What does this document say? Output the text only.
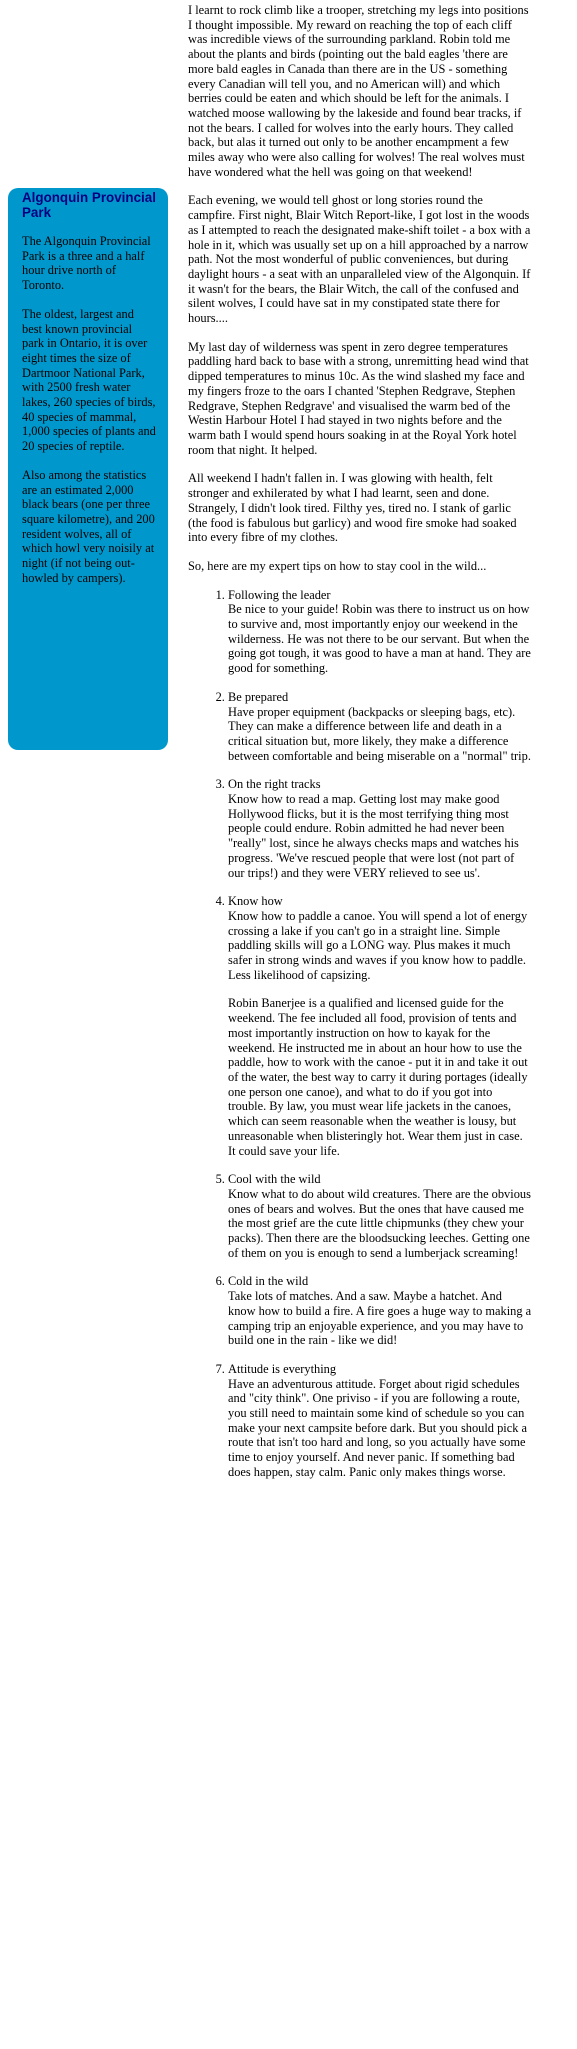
Algonquin Provincial Park

The Algonquin Provincial Park is a three and a half hour drive north of Toronto.

The oldest, largest and best known provincial park in Ontario, it is over eight times the size of Dartmoor National Park, with 2500 fresh water lakes, 260 species of birds, 40 species of mammal, 1,000 species of plants and 20 species of reptile.

Also among the statistics are an estimated 2,000 black bears (one per three square kilometre), and 200 resident wolves, all of which howl very noisily at night (if not being out-howled by campers).

I learnt to rock climb like a trooper, stretching my legs into positions I thought impossible. My reward on reaching the top of each cliff was incredible views of the surrounding parkland. Robin told me about the plants and birds (pointing out the bald eagles 'there are more bald eagles in Canada than there are in the US - something every Canadian will tell you, and no American will) and which berries could be eaten and which should be left for the animals. I watched moose wallowing by the lakeside and found bear tracks, if not the bears. I called for wolves into the early hours. They called back, but alas it turned out only to be another encampment a few miles away who were also calling for wolves! The real wolves must have wondered what the hell was going on that weekend!

Each evening, we would tell ghost or long stories round the campfire. First night, Blair Witch Report-like, I got lost in the woods as I attempted to reach the designated make-shift toilet - a box with a hole in it, which was usually set up on a hill approached by a narrow path. Not the most wonderful of public conveniences, but during daylight hours - a seat with an unparalleled view of the Algonquin. If it wasn't for the bears, the Blair Witch, the call of the confused and silent wolves, I could have sat in my constipated state there for hours....

My last day of wilderness was spent in zero degree temperatures paddling hard back to base with a strong, unremitting head wind that dipped temperatures to minus 10c. As the wind slashed my face and my fingers froze to the oars I chanted 'Stephen Redgrave, Stephen Redgrave, Stephen Redgrave' and visualised the warm bed of the Westin Harbour Hotel I had stayed in two nights before and the warm bath I would spend hours soaking in at the Royal York hotel room that night. It helped.

All weekend I hadn't fallen in. I was glowing with health, felt stronger and exhilerated by what I had learnt, seen and done. Strangely, I didn't look tired. Filthy yes, tired no. I stank of garlic (the food is fabulous but garlicy) and wood fire smoke had soaked into every fibre of my clothes.

So, here are my expert tips on how to stay cool in the wild...

1. Following the leader
Be nice to your guide! Robin was there to instruct us on how to survive and, most importantly enjoy our weekend in the wilderness. He was not there to be our servant. But when the going got tough, it was good to have a man at hand. They are good for something.
2. Be prepared
Have proper equipment (backpacks or sleeping bags, etc). They can make a difference between life and death in a critical situation but, more likely, they make a difference between comfortable and being miserable on a "normal" trip.
3. On the right tracks
Know how to read a map. Getting lost may make good Hollywood flicks, but it is the most terrifying thing most people could endure. Robin admitted he had never been "really" lost, since he always checks maps and watches his progress. 'We've rescued people that were lost (not part of our trips!) and they were VERY relieved to see us'.
4. Know how
Know how to paddle a canoe. You will spend a lot of energy crossing a lake if you can't go in a straight line. Simple paddling skills will go a LONG way. Plus makes it much safer in strong winds and waves if you know how to paddle. Less likelihood of capsizing.
Robin Banerjee is a qualified and licensed guide for the weekend. The fee included all food, provision of tents and most importantly instruction on how to kayak for the weekend. He instructed me in about an hour how to use the paddle, how to work with the canoe - put it in and take it out of the water, the best way to carry it during portages (ideally one person one canoe), and what to do if you got into trouble. By law, you must wear life jackets in the canoes, which can seem reasonable when the weather is lousy, but unreasonable when blisteringly hot. Wear them just in case. It could save your life.
5. Cool with the wild
Know what to do about wild creatures. There are the obvious ones of bears and wolves. But the ones that have caused me the most grief are the cute little chipmunks (they chew your packs). Then there are the bloodsucking leeches. Getting one of them on you is enough to send a lumberjack screaming!
6. Cold in the wild
Take lots of matches. And a saw. Maybe a hatchet. And know how to build a fire. A fire goes a huge way to making a camping trip an enjoyable experience, and you may have to build one in the rain - like we did!
7. Attitude is everything
Have an adventurous attitude. Forget about rigid schedules and "city think". One priviso - if you are following a route, you still need to maintain some kind of schedule so you can make your next campsite before dark. But you should pick a route that isn't too hard and long, so you actually have some time to enjoy yourself. And never panic. If something bad does happen, stay calm. Panic only makes things worse.
